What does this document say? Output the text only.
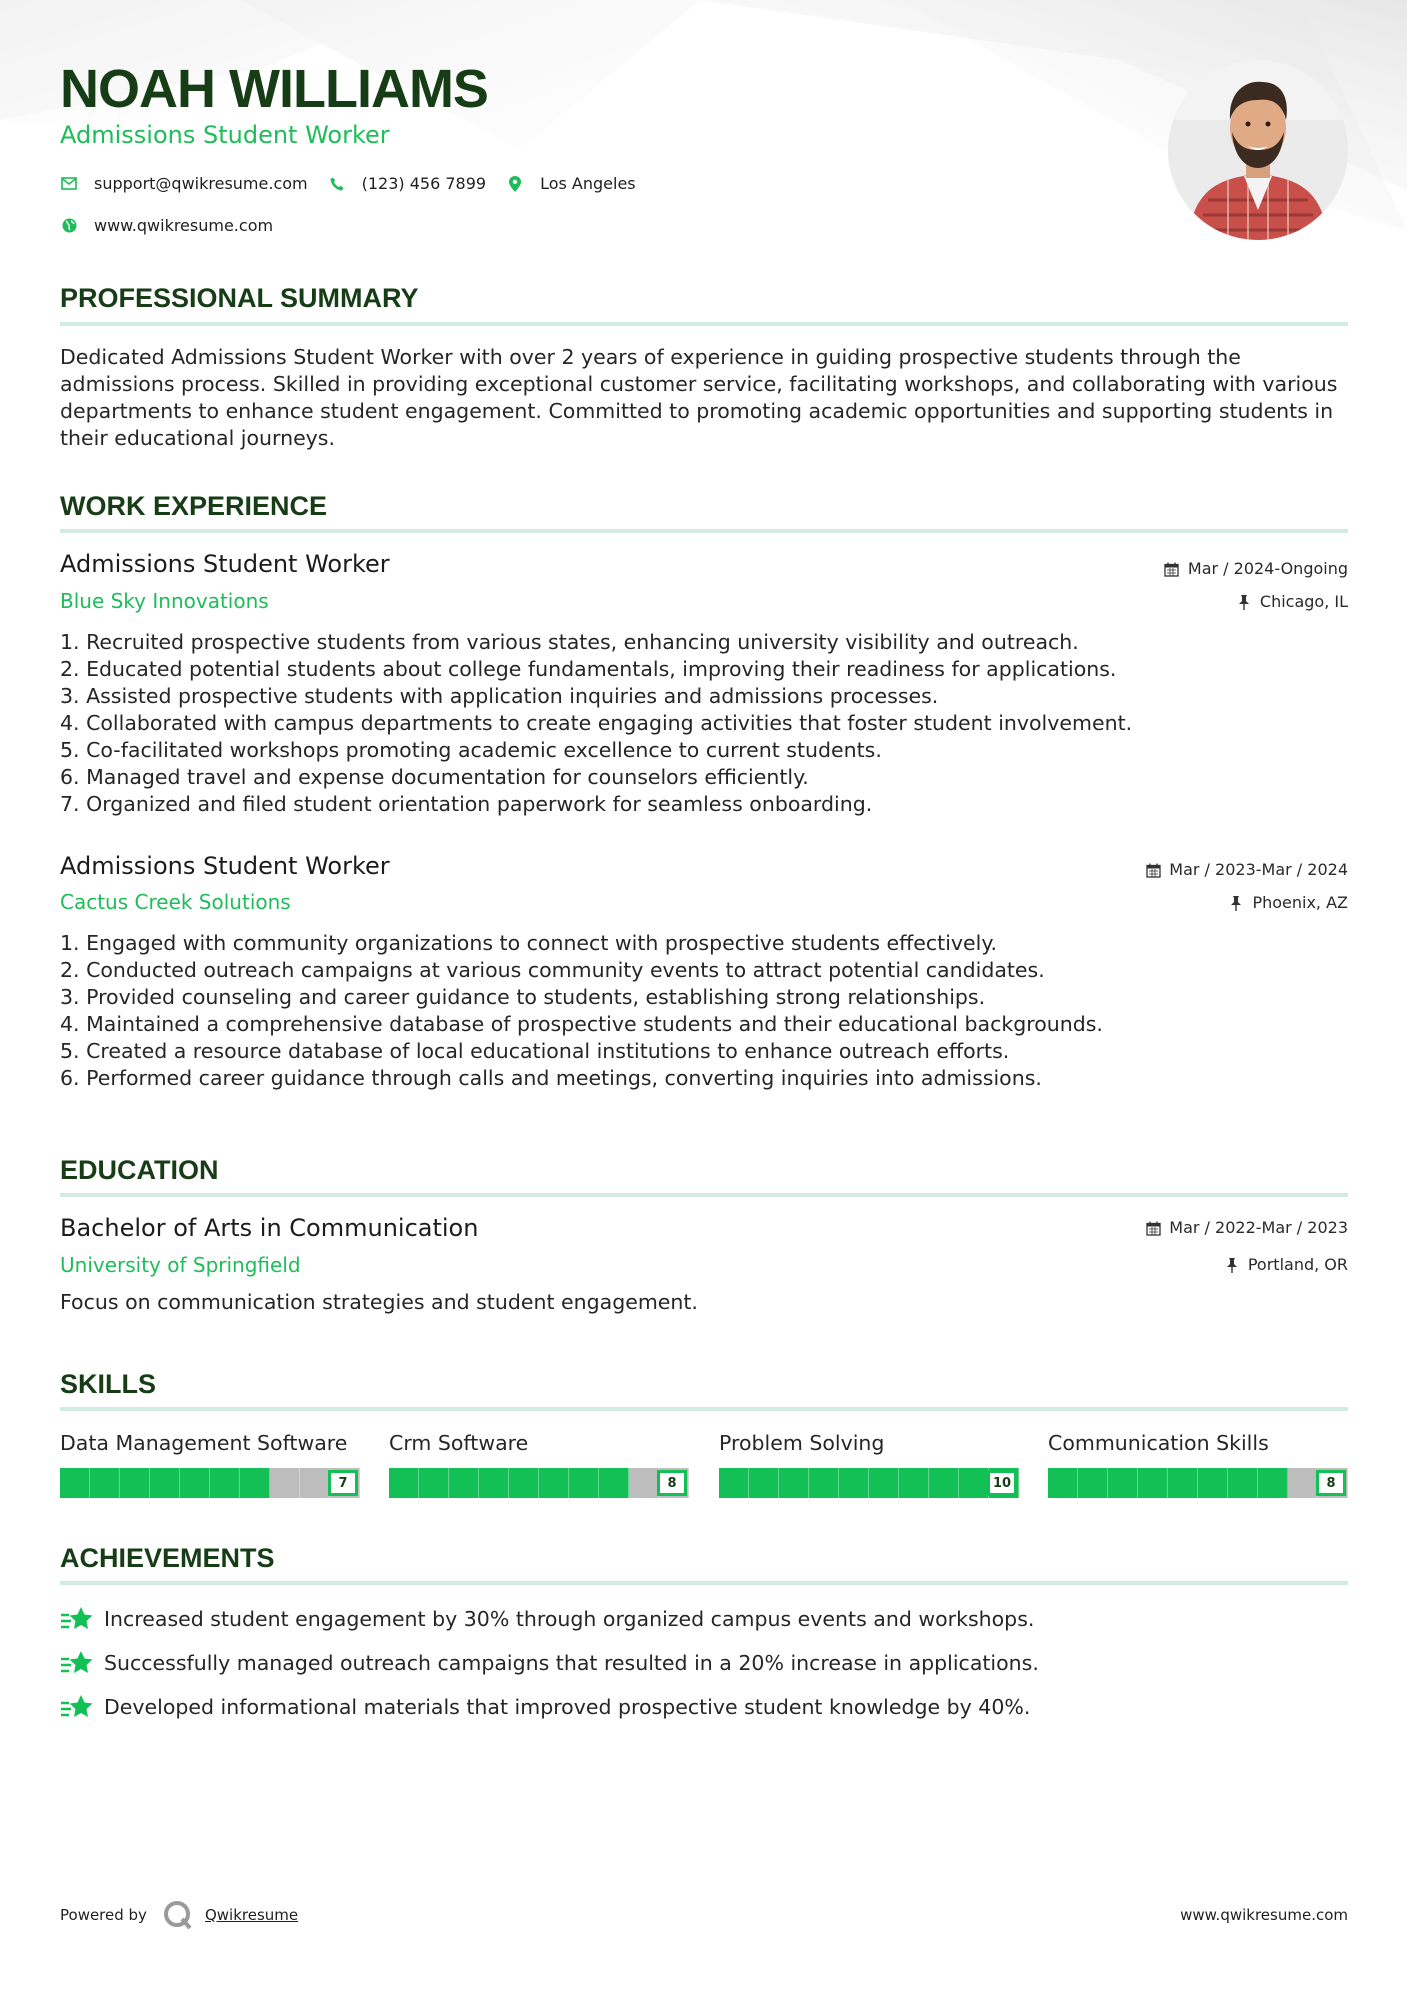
NOAH WILLIAMS
Admissions Student Worker
support@qwikresume.com	(123) 456 7899	Los Angeles
www.qwikresume.com
PROFESSIONAL SUMMARY
Dedicated Admissions Student Worker with over 2 years of experience in guiding prospective students through the admissions process. Skilled in providing exceptional customer service, facilitating workshops, and collaborating with various departments to enhance student engagement. Committed to promoting academic opportunities and supporting students in their educational journeys.
WORK EXPERIENCE
Admissions Student Worker
Blue Sky Innovations
Mar / 2024-Ongoing
Chicago, IL
1. Recruited prospective students from various states, enhancing university visibility and outreach.
2. Educated potential students about college fundamentals, improving their readiness for applications.
3. Assisted prospective students with application inquiries and admissions processes.
4. Collaborated with campus departments to create engaging activities that foster student involvement.
5. Co-facilitated workshops promoting academic excellence to current students.
6. Managed travel and expense documentation for counselors efficiently.
7. Organized and filed student orientation paperwork for seamless onboarding.
Admissions Student Worker
Cactus Creek Solutions
Mar / 2023-Mar / 2024
Phoenix, AZ
1. Engaged with community organizations to connect with prospective students effectively.
2. Conducted outreach campaigns at various community events to attract potential candidates.
3. Provided counseling and career guidance to students, establishing strong relationships.
4. Maintained a comprehensive database of prospective students and their educational backgrounds.
5. Created a resource database of local educational institutions to enhance outreach efforts.
6. Performed career guidance through calls and meetings, converting inquiries into admissions.
EDUCATION
Bachelor of Arts in Communication
University of Springfield
Mar / 2022-Mar / 2023
Portland, OR
Focus on communication strategies and student engagement.
SKILLS
Data Management Software
7
Crm Software
8
Problem Solving
10
Communication Skills
8
ACHIEVEMENTS
Increased student engagement by 30% through organized campus events and workshops.
Successfully managed outreach campaigns that resulted in a 20% increase in applications.
Developed informational materials that improved prospective student knowledge by 40%.
Powered by	Qwikresume	www.qwikresume.com
